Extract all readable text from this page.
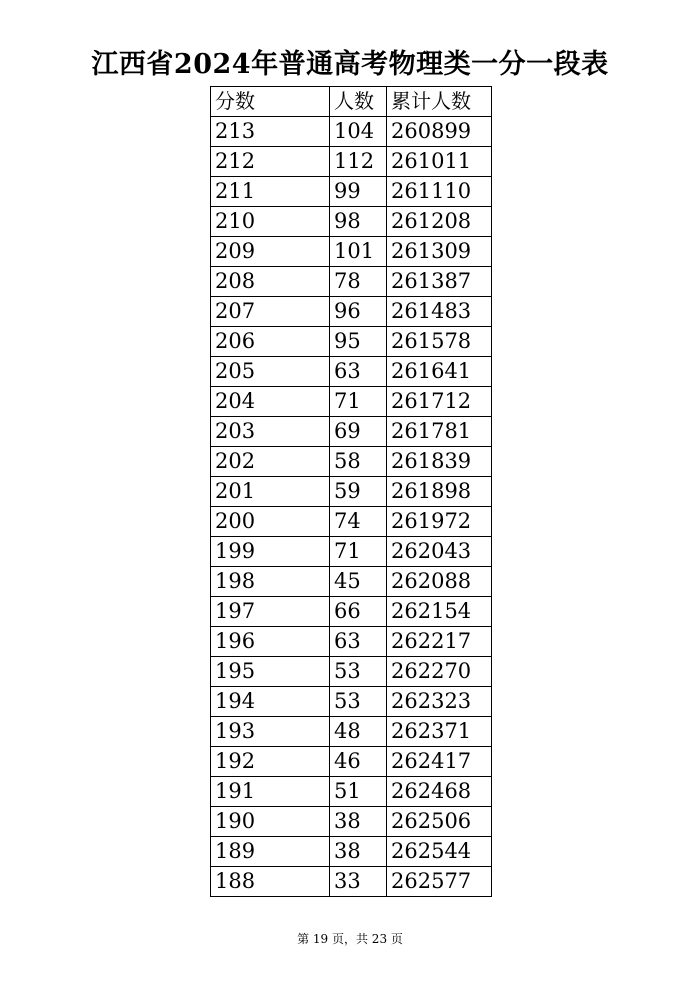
江西省2024年普通高考物理类一分一段表
分数	人数	累计人数
213	104	260899
212	112	261011
211	99	261110
210	98	261208
209	101	261309
208	78	261387
207	96	261483
206	95	261578
205	63	261641
204	71	261712
203	69	261781
202	58	261839
201	59	261898
200	74	261972
199	71	262043
198	45	262088
197	66	262154
196	63	262217
195	53	262270
194	53	262323
193	48	262371
192	46	262417
191	51	262468
190	38	262506
189	38	262544
188	33	262577
第 19 页，共 23 页
